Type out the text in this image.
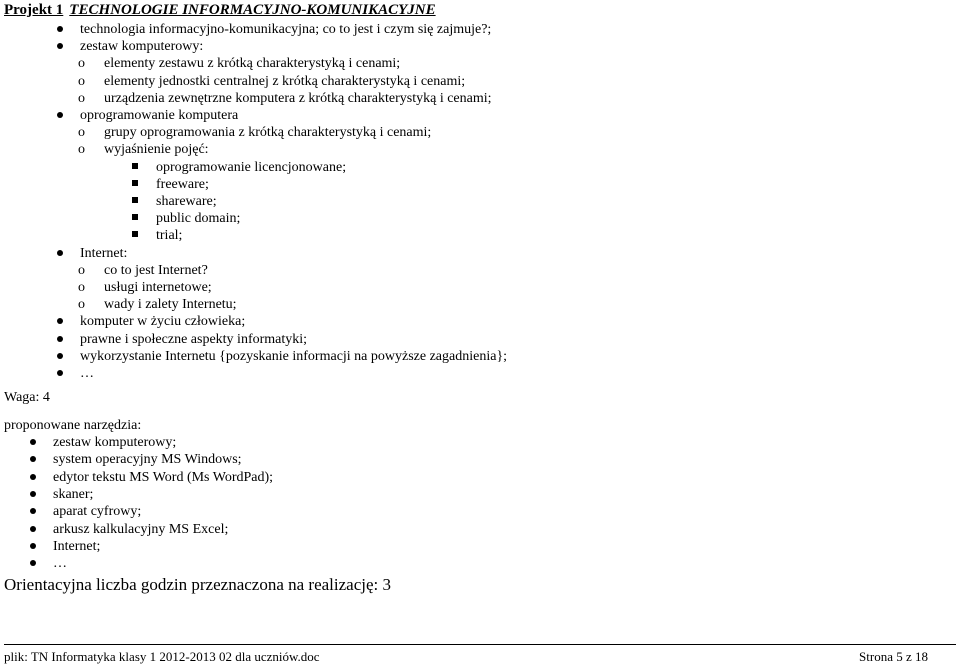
Projekt 1 TECHNOLOGIE INFORMACYJNO-KOMUNIKACYJNE
technologia informacyjno-komunikacyjna; co to jest i czym się zajmuje?;
zestaw komputerowy:
elementy zestawu z krótką charakterystyką i cenami;
elementy jednostki centralnej z krótką charakterystyką i cenami;
urządzenia zewnętrzne komputera z krótką charakterystyką i cenami;
oprogramowanie komputera
grupy oprogramowania z krótką charakterystyką i cenami;
wyjaśnienie pojęć:
oprogramowanie licencjonowane;
freeware;
shareware;
public domain;
trial;
Internet:
co to jest Internet?
usługi internetowe;
wady i zalety Internetu;
komputer w życiu człowieka;
prawne i społeczne aspekty informatyki;
wykorzystanie Internetu {pozyskanie informacji na powyższe zagadnienia};
…
Waga: 4
proponowane narzędzia:
zestaw komputerowy;
system operacyjny MS Windows;
edytor tekstu MS Word (Ms WordPad);
skaner;
aparat cyfrowy;
arkusz kalkulacyjny MS Excel;
Internet;
…
Orientacyjna liczba godzin przeznaczona na realizację: 3
plik: TN Informatyka klasy 1 2012-2013 02 dla uczniów.doc	Strona 5 z 18
